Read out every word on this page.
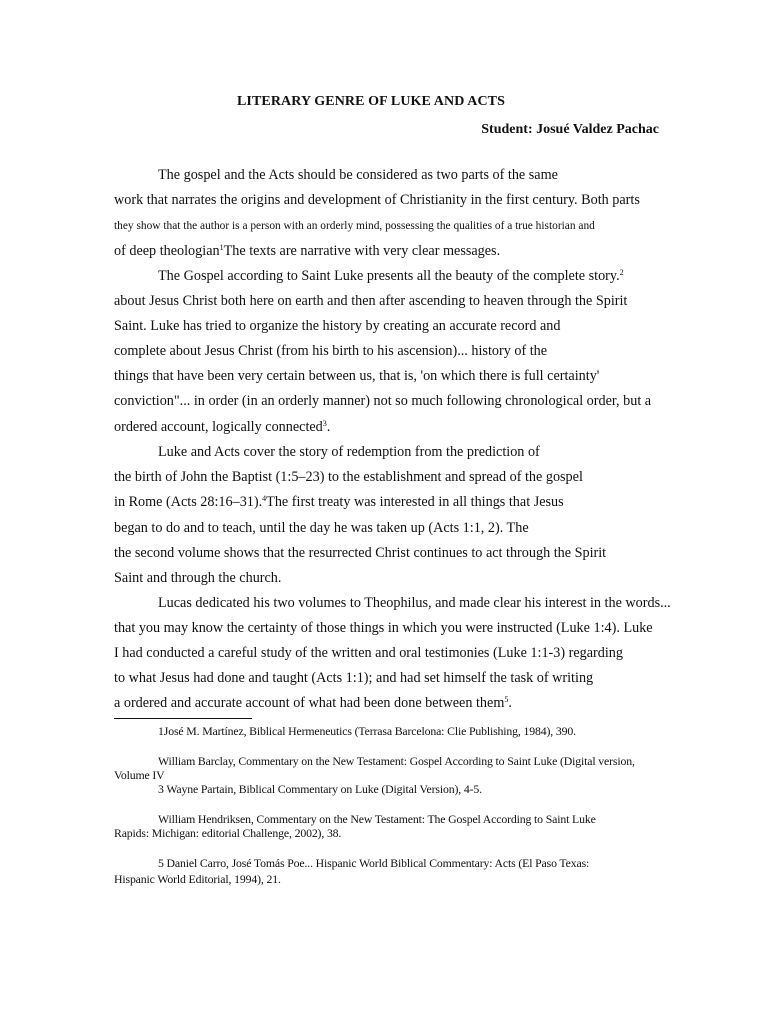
LITERARY GENRE OF LUKE AND ACTS
Student: Josué Valdez Pachac
The gospel and the Acts should be considered as two parts of the same
work that narrates the origins and development of Christianity in the first century. Both parts
they show that the author is a person with an orderly mind, possessing the qualities of a true historian and
of deep theologian$^1$The texts are narrative with very clear messages.
The Gospel according to Saint Luke presents all the beauty of the complete story.$^2$
about Jesus Christ both here on earth and then after ascending to heaven through the Spirit
Saint. Luke has tried to organize the history by creating an accurate record and
complete about Jesus Christ (from his birth to his ascension)... history of the
things that have been very certain between us, that is, 'on which there is full certainty'
conviction"... in order (in an orderly manner) not so much following chronological order, but a
ordered account, logically connected$^3$.
Luke and Acts cover the story of redemption from the prediction of
the birth of John the Baptist (1:5–23) to the establishment and spread of the gospel
in Rome (Acts 28:16–31).$^4$The first treaty was interested in all things that Jesus
began to do and to teach, until the day he was taken up (Acts 1:1, 2). The
the second volume shows that the resurrected Christ continues to act through the Spirit
Saint and through the church.
Lucas dedicated his two volumes to Theophilus, and made clear his interest in the words...
that you may know the certainty of those things in which you were instructed (Luke 1:4). Luke
I had conducted a careful study of the written and oral testimonies (Luke 1:1-3) regarding
to what Jesus had done and taught (Acts 1:1); and had set himself the task of writing
a ordered and accurate account of what had been done between them$^5$.
1José M. Martínez, Biblical Hermeneutics (Terrasa Barcelona: Clie Publishing, 1984), 390.
William Barclay, Commentary on the New Testament: Gospel According to Saint Luke (Digital version,
Volume IV
3 Wayne Partain, Biblical Commentary on Luke (Digital Version), 4-5.
William Hendriksen, Commentary on the New Testament: The Gospel According to Saint Luke
Rapids: Michigan: editorial Challenge, 2002), 38.
5 Daniel Carro, José Tomás Poe... Hispanic World Biblical Commentary: Acts (El Paso Texas:
Hispanic World Editorial, 1994), 21.
